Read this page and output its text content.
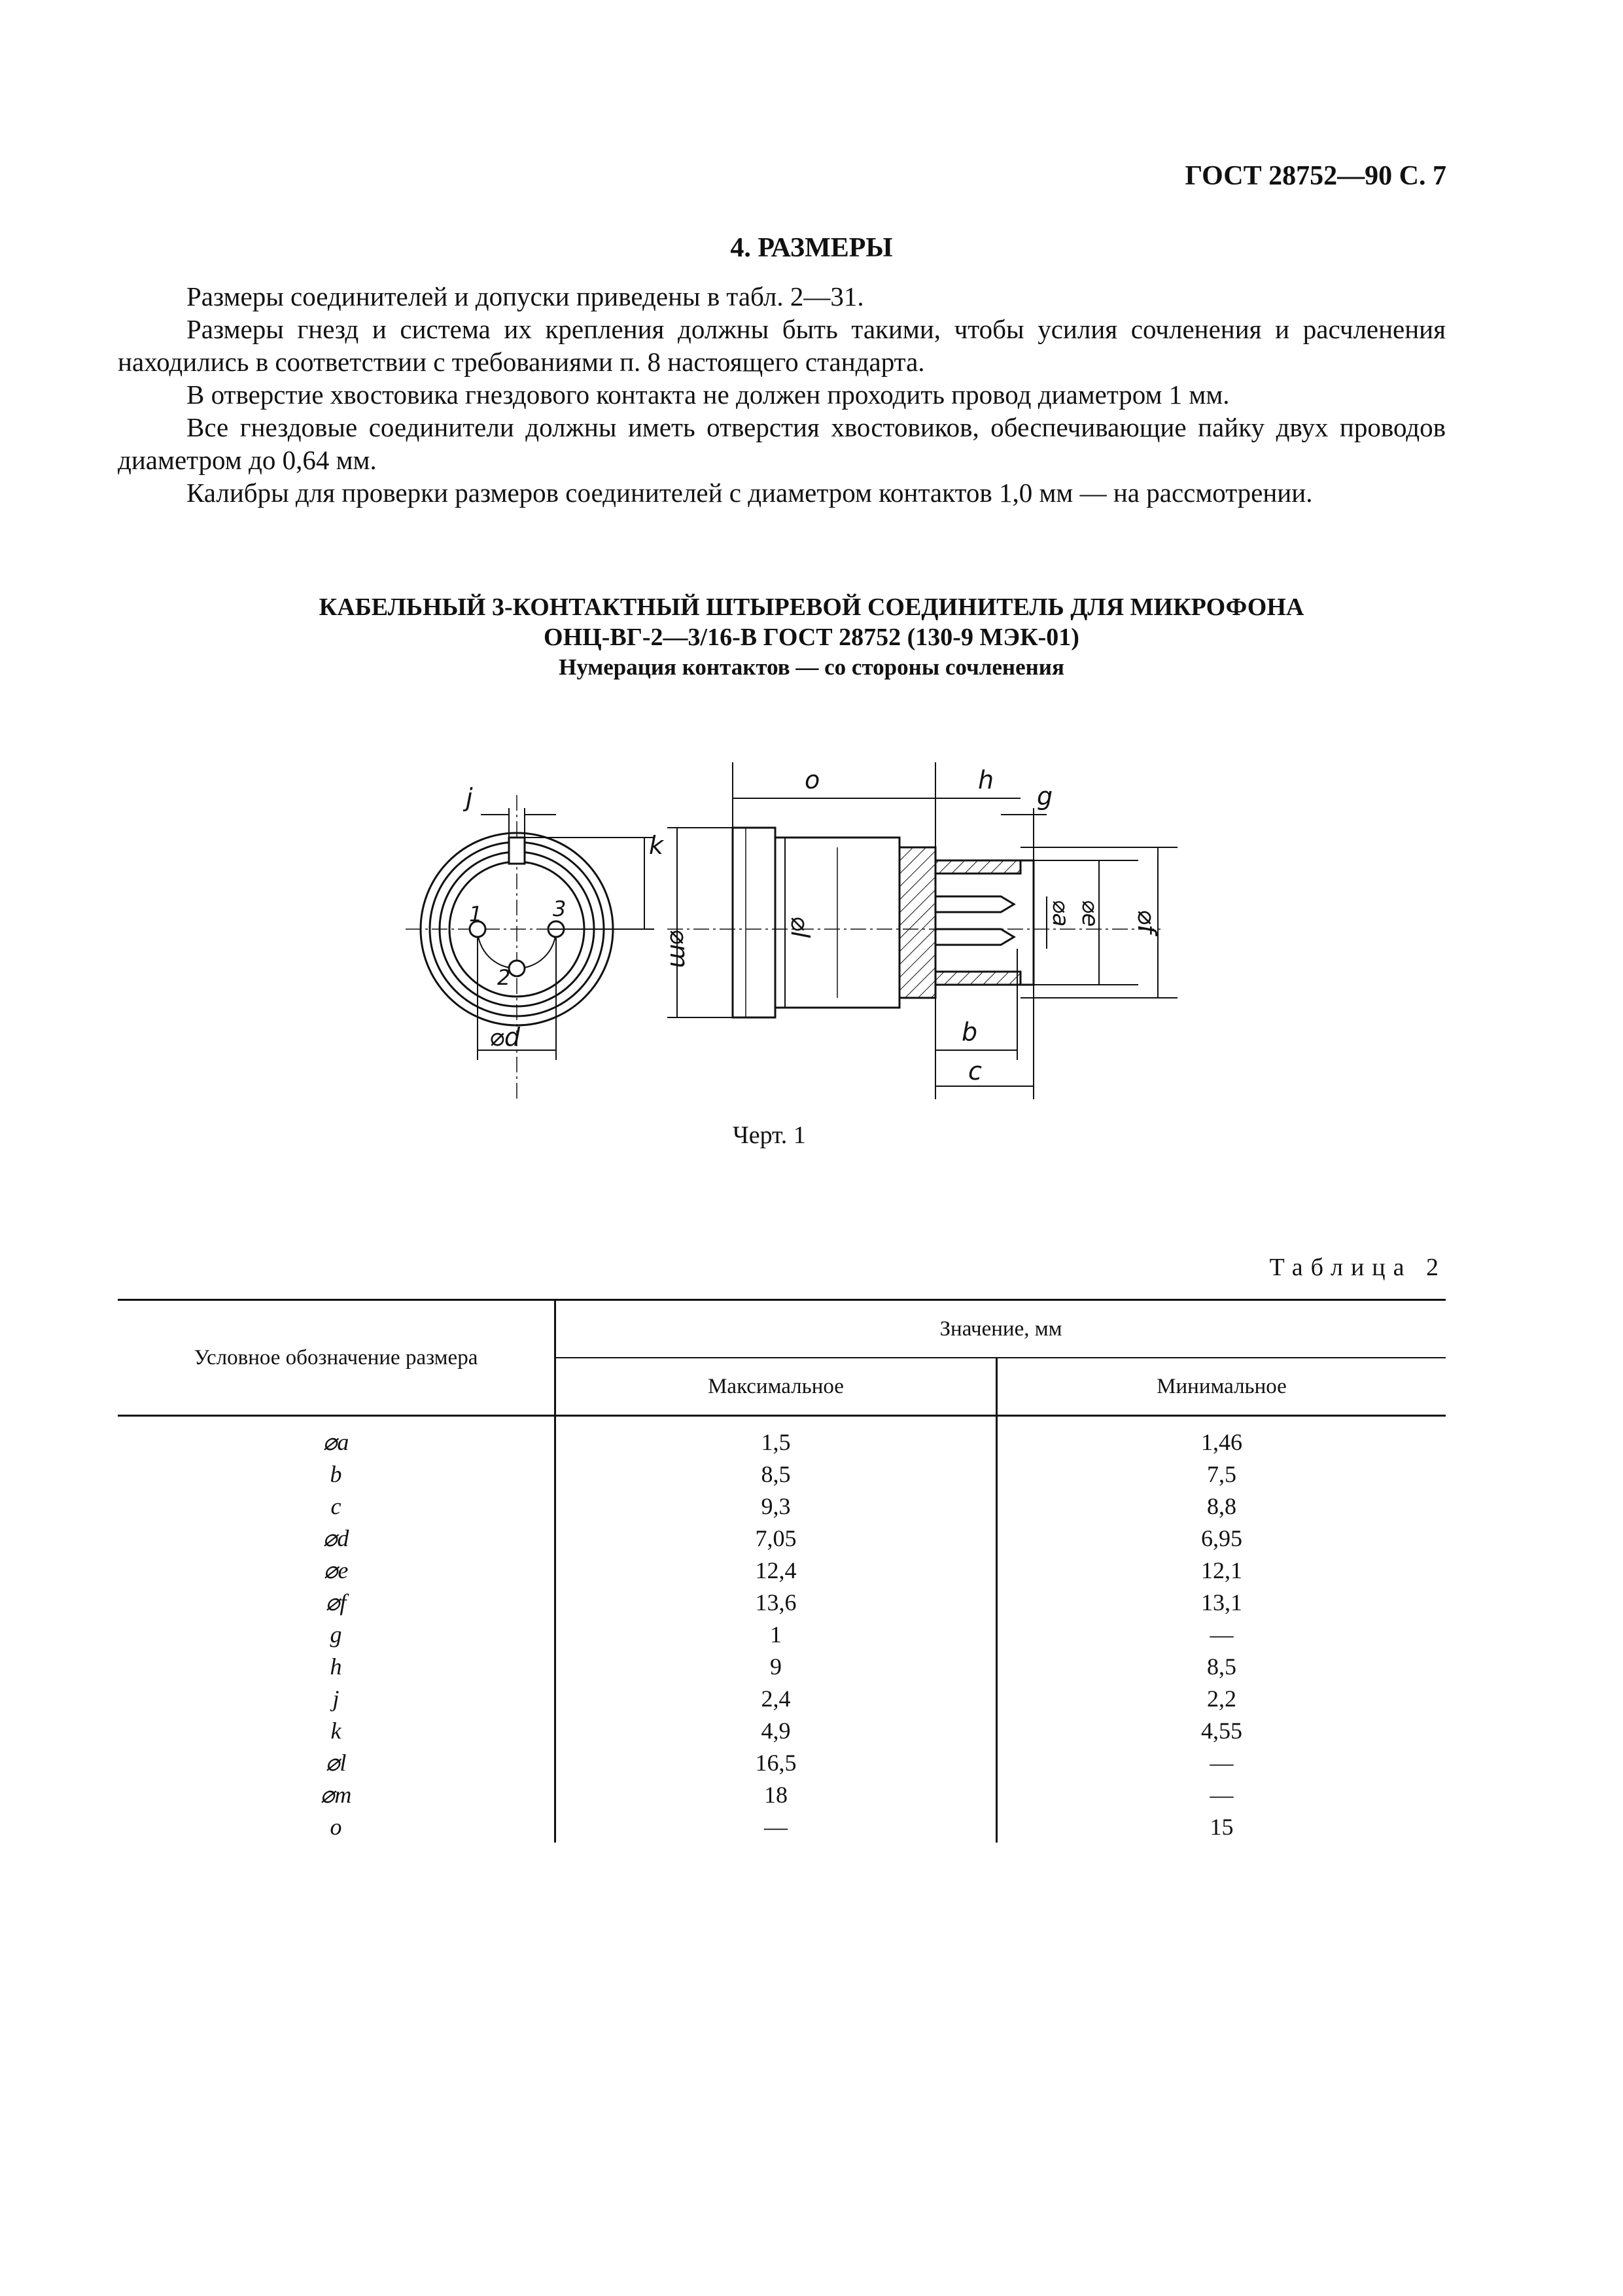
ГОСТ 28752—90 С. 7
4. РАЗМЕРЫ

Размеры соединителей и допуски приведены в табл. 2—31.

Размеры гнезд и система их крепления должны быть такими, чтобы усилия сочленения и расчленения находились в соответствии с требованиями п. 8 настоящего стандарта.

В отверстие хвостовика гнездового контакта не должен проходить провод диаметром 1 мм.

Все гнездовые соединители должны иметь отверстия хвостовиков, обеспечивающие пайку двух проводов диаметром до 0,64 мм.

Калибры для проверки размеров соединителей с диаметром контактов 1,0 мм — на рассмотрении.

КАБЕЛЬНЫЙ 3-КОНТАКТНЫЙ ШТЫРЕВОЙ СОЕДИНИТЕЛЬ ДЛЯ МИКРОФОНА
ОНЦ-ВГ-2—3/16-В ГОСТ 28752 (130-9 МЭК-01)
Нумерация контактов — со стороны сочленения
j
k
⌀d
1
2
3
o	h
g
⌀m
⌀l
⌀a ⌀e ⌀f
b
c
Черт. 1
Таблица 2
Условное обозначение размера	Значение, мм	
	Максимальное	Минимальное
⌀a	1,5	1,46
b	8,5	7,5
c	9,3	8,8
⌀d	7,05	6,95
⌀e	12,4	12,1
⌀f	13,6	13,1
g	1	—
h	9	8,5
j	2,4	2,2
k	4,9	4,55
⌀l	16,5	—
⌀m	18	—
o	—	15
